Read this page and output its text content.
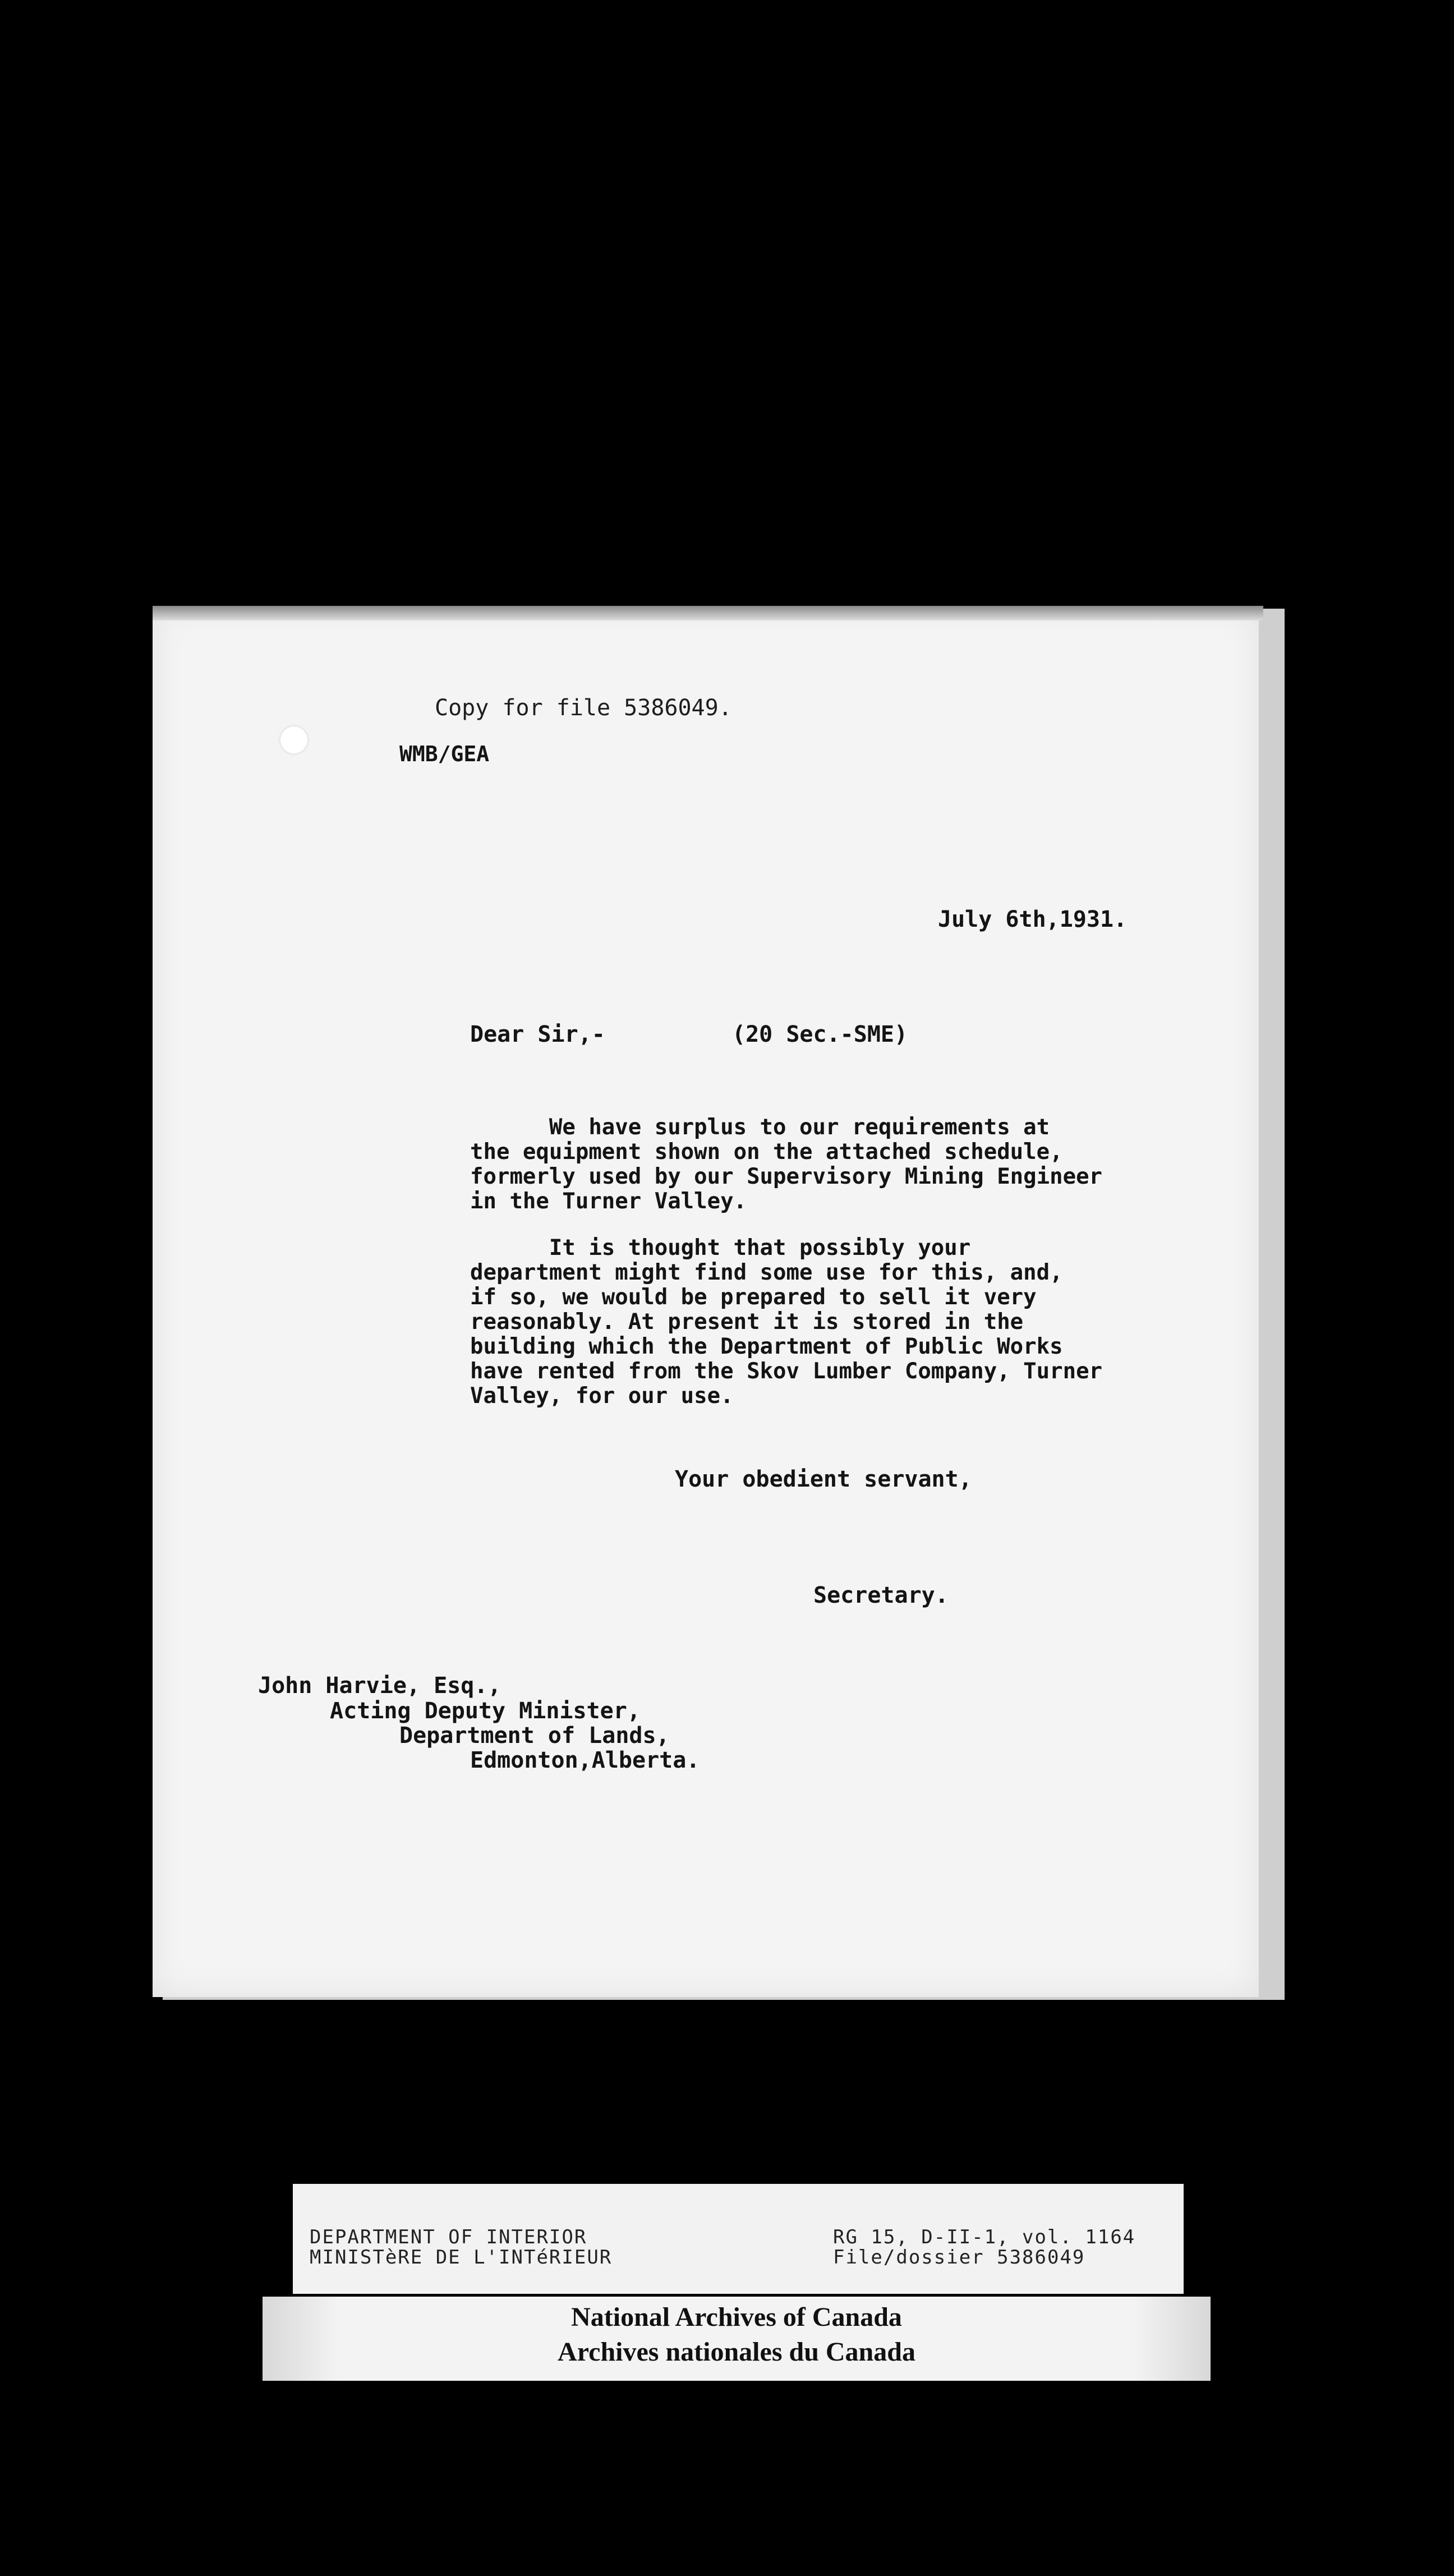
Copy for file 5386049.

WMB/GEA

July 6th,1931.

Dear Sir,-	(20 Sec.-SME)

We have surplus to our requirements at
the equipment shown on the attached schedule,
formerly used by our Supervisory Mining Engineer
in the Turner Valley.

It is thought that possibly your
department might find some use for this, and,
if so, we would be prepared to sell it very
reasonably. At present it is stored in the
building which the Department of Public Works
have rented from the Skov Lumber Company, Turner
Valley, for our use.

Your obedient servant,

Secretary.

John Harvie, Esq.,

Acting Deputy Minister,

Department of Lands,

Edmonton,Alberta.

DEPARTMENT OF INTERIOR
MINISTèRE DE L'INTéRIEUR
RG 15, D-II-1, vol. 1164
File/dossier 5386049
National Archives of Canada
Archives nationales du Canada
